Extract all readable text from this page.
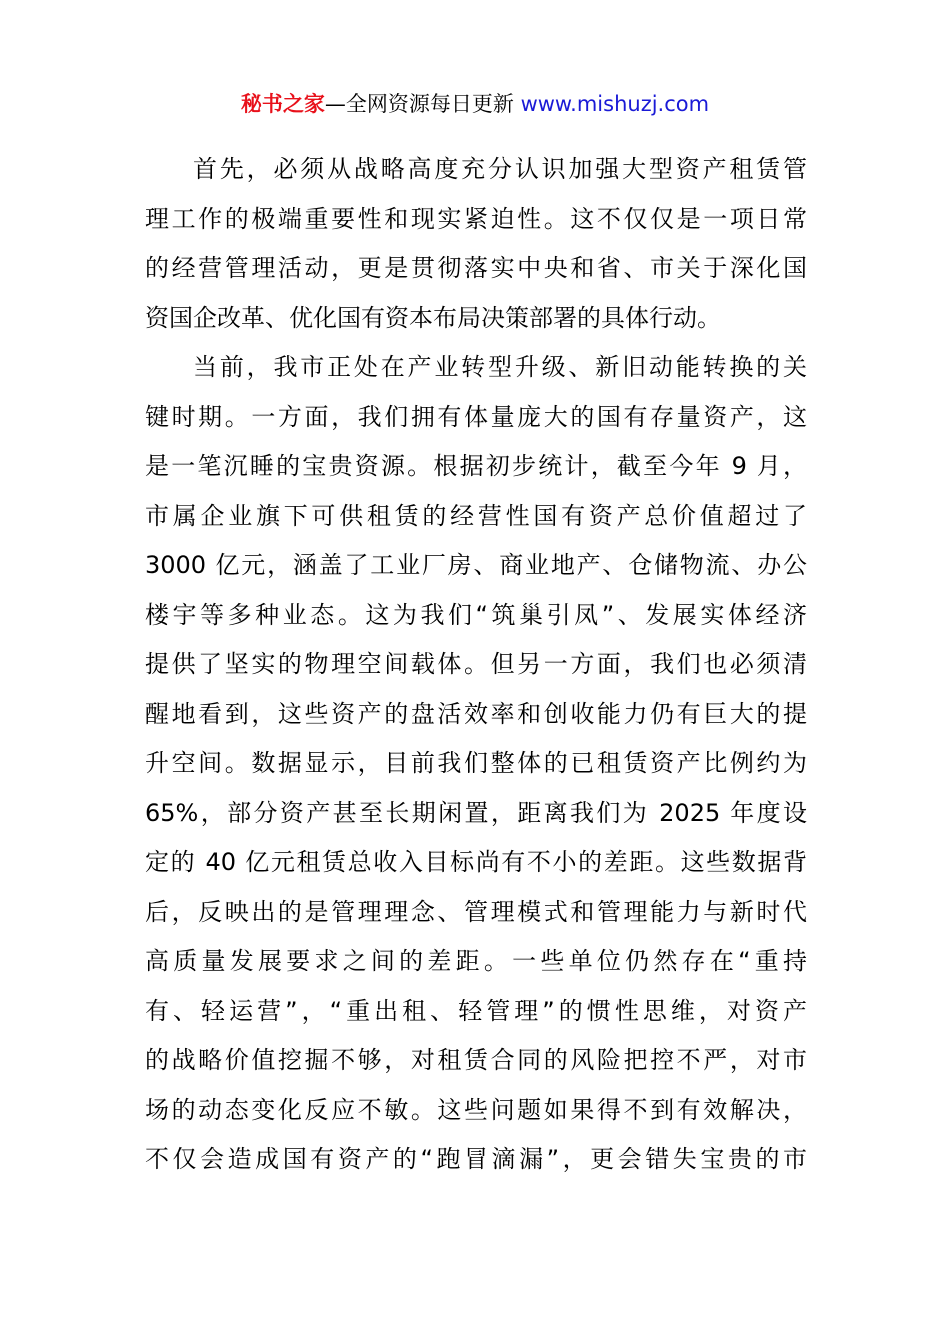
秘书之家—全网资源每日更新 www.mishuzj.com
首先，必须从战略高度充分认识加强大型资产租赁管
理工作的极端重要性和现实紧迫性。这不仅仅是一项日常
的经营管理活动，更是贯彻落实中央和省、市关于深化国
资国企改革、优化国有资本布局决策部署的具体行动。
当前，我市正处在产业转型升级、新旧动能转换的关
键时期。一方面，我们拥有体量庞大的国有存量资产，这
是一笔沉睡的宝贵资源。根据初步统计，截至今年 9 月，
市属企业旗下可供租赁的经营性国有资产总价值超过了
3000 亿元，涵盖了工业厂房、商业地产、仓储物流、办公
楼宇等多种业态。这为我们“筑巢引凤”、发展实体经济
提供了坚实的物理空间载体。但另一方面，我们也必须清
醒地看到，这些资产的盘活效率和创收能力仍有巨大的提
升空间。数据显示，目前我们整体的已租赁资产比例约为
65%，部分资产甚至长期闲置，距离我们为 2025 年度设
定的 40 亿元租赁总收入目标尚有不小的差距。这些数据背
后，反映出的是管理理念、管理模式和管理能力与新时代
高质量发展要求之间的差距。一些单位仍然存在“重持
有、轻运营”，“重出租、轻管理”的惯性思维，对资产
的战略价值挖掘不够，对租赁合同的风险把控不严，对市
场的动态变化反应不敏。这些问题如果得不到有效解决，
不仅会造成国有资产的“跑冒滴漏”，更会错失宝贵的市
